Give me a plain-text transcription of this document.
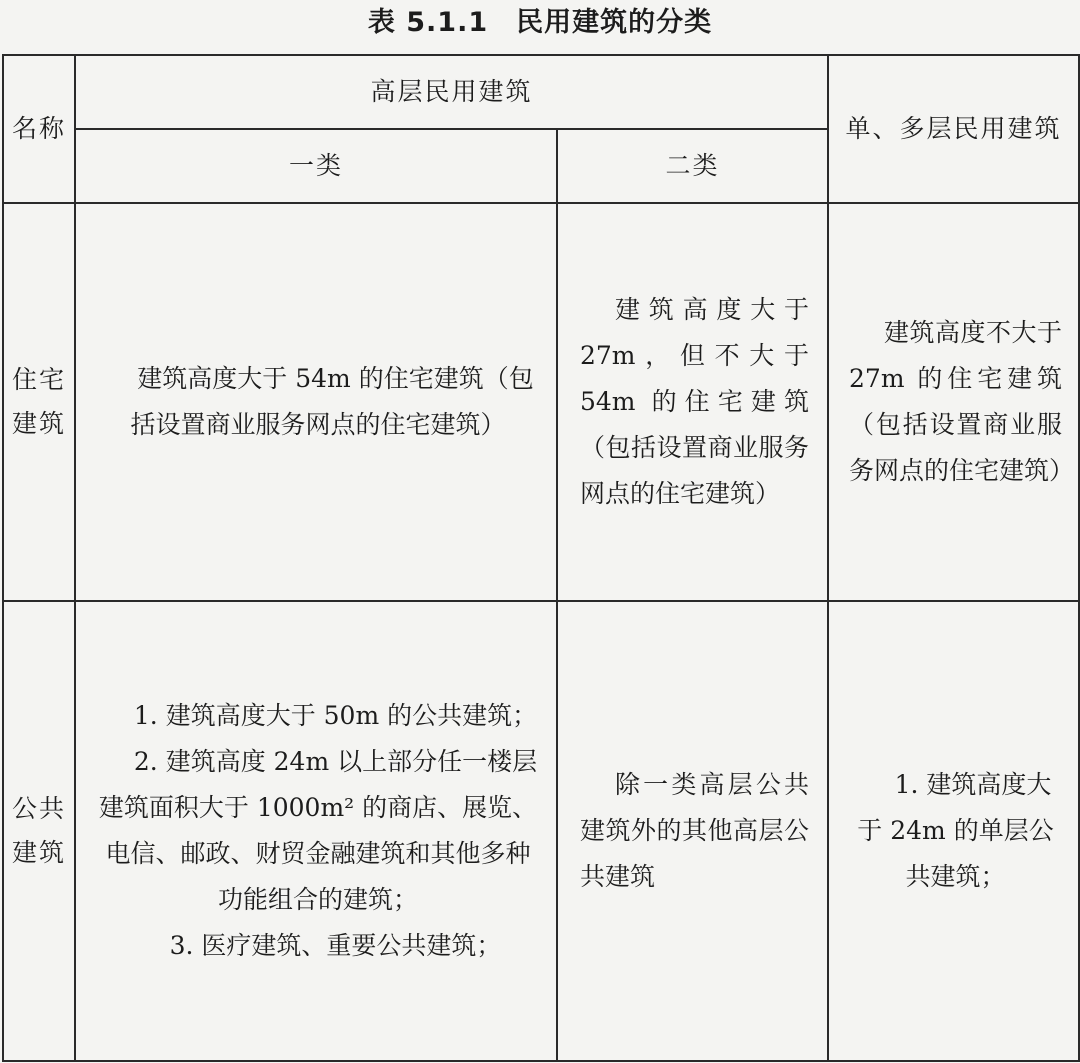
表 5.1.1　民用建筑的分类
名称	高层民用建筑		单、多层民用建筑

	一类	二类	

住宅建筑	建筑高度大于 54m 的住宅建筑（包括设置商业服务网点的住宅建筑）	建筑高度大于 27m，但不大于 54m 的住宅建筑（包括设置商业服务网点的住宅建筑）	建筑高度不大于 27m 的住宅建筑（包括设置商业服务网点的住宅建筑）

公共建筑	1. 建筑高度大于 50m 的公共建筑；
2. 建筑高度 24m 以上部分任一楼层建筑面积大于 1000m² 的商店、展览、电信、邮政、财贸金融建筑和其他多种功能组合的建筑；
3. 医疗建筑、重要公共建筑；	除一类高层公共建筑外的其他高层公共建筑	1. 建筑高度大于 24m 的单层公共建筑；
